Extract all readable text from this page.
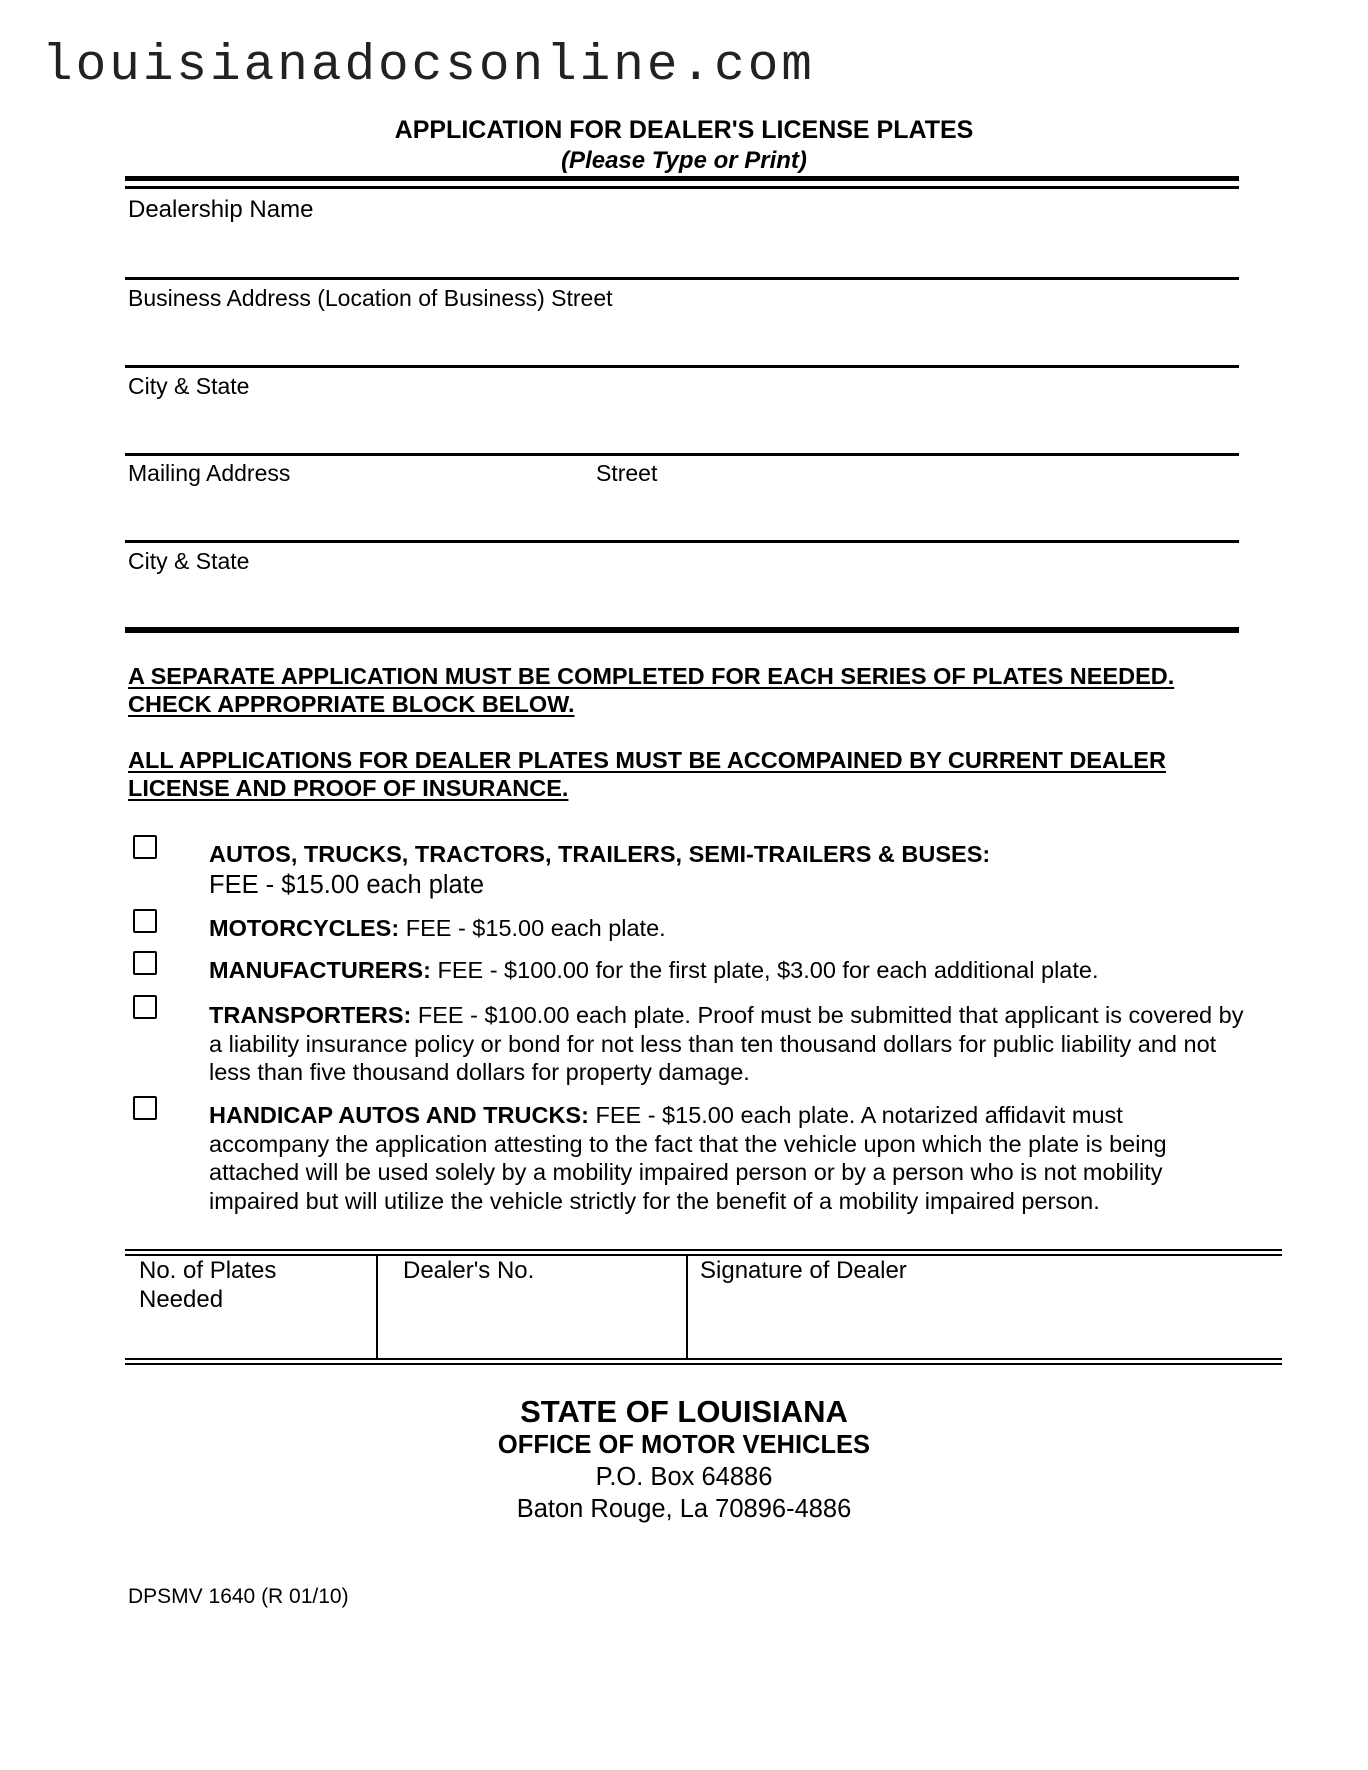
louisianadocsonline.com
APPLICATION FOR DEALER'S LICENSE PLATES
(Please Type or Print)
Dealership Name
Business Address (Location of Business) Street
City & State
Mailing Address	Street
City & State
A SEPARATE APPLICATION MUST BE COMPLETED FOR EACH SERIES OF PLATES NEEDED. CHECK APPROPRIATE BLOCK BELOW.
ALL APPLICATIONS FOR DEALER PLATES MUST BE ACCOMPAINED BY CURRENT DEALER LICENSE AND PROOF OF INSURANCE.
AUTOS, TRUCKS, TRACTORS, TRAILERS, SEMI-TRAILERS & BUSES:
FEE - $15.00 each plate
MOTORCYCLES: FEE - $15.00 each plate.
MANUFACTURERS: FEE - $100.00 for the first plate, $3.00 for each additional plate.
TRANSPORTERS: FEE - $100.00 each plate. Proof must be submitted that applicant is covered by a liability insurance policy or bond for not less than ten thousand dollars for public liability and not less than five thousand dollars for property damage.
HANDICAP AUTOS AND TRUCKS: FEE - $15.00 each plate. A notarized affidavit must accompany the application attesting to the fact that the vehicle upon which the plate is being attached will be used solely by a mobility impaired person or by a person who is not mobility impaired but will utilize the vehicle strictly for the benefit of a mobility impaired person.
No. of Plates Needed
Dealer's No.	Signature of Dealer
STATE OF LOUISIANA
OFFICE OF MOTOR VEHICLES
P.O. Box 64886
Baton Rouge, La 70896-4886
DPSMV 1640 (R 01/10)
